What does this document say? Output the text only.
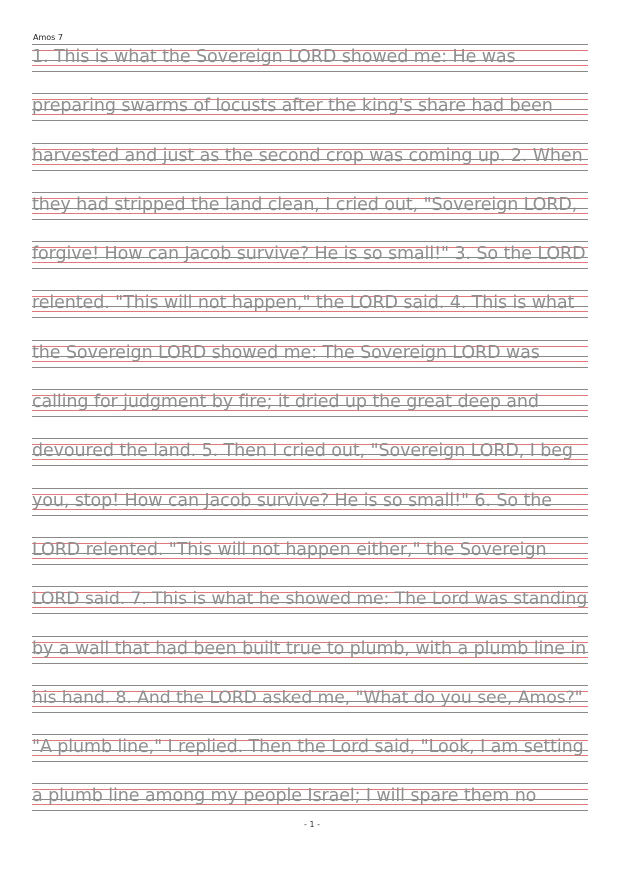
Amos 7
1. This is what the Sovereign LORD showed me: He was
preparing swarms of locusts after the king's share had been
harvested and just as the second crop was coming up. 2. When
they had stripped the land clean, I cried out, "Sovereign LORD,
forgive! How can Jacob survive? He is so small!" 3. So the LORD
relented. "This will not happen," the LORD said. 4. This is what
the Sovereign LORD showed me: The Sovereign LORD was
calling for judgment by fire; it dried up the great deep and
devoured the land. 5. Then I cried out, "Sovereign LORD, I beg
you, stop! How can Jacob survive? He is so small!" 6. So the
LORD relented. "This will not happen either," the Sovereign
LORD said. 7. This is what he showed me: The Lord was standing
by a wall that had been built true to plumb, with a plumb line in
his hand. 8. And the LORD asked me, "What do you see, Amos?"
"A plumb line," I replied. Then the Lord said, "Look, I am setting
a plumb line among my people Israel; I will spare them no
- 1 -
